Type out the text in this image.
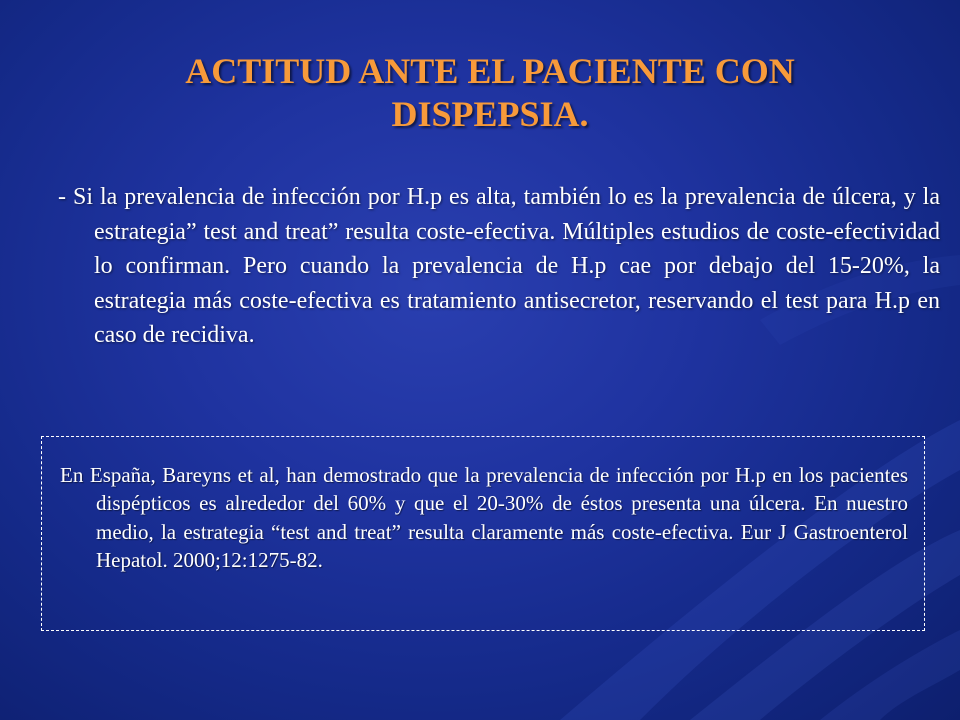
ACTITUD ANTE EL PACIENTE CON DISPEPSIA.

- Si la prevalencia de infección por H.p es alta, también lo es la prevalencia de úlcera, y la estrategia” test and treat” resulta coste-efectiva. Múltiples estudios de coste-efectividad lo confirman. Pero cuando la prevalencia de H.p cae por debajo del 15-20%, la estrategia más coste-efectiva es tratamiento antisecretor, reservando el test para H.p en caso de recidiva.

En España, Bareyns et al, han demostrado que la prevalencia de infección por H.p en los pacientes dispépticos es alrededor del 60% y que el 20-30% de éstos presenta una úlcera. En nuestro medio, la estrategia “test and treat” resulta claramente más coste-efectiva. Eur J Gastroenterol Hepatol. 2000;12:1275-82.
